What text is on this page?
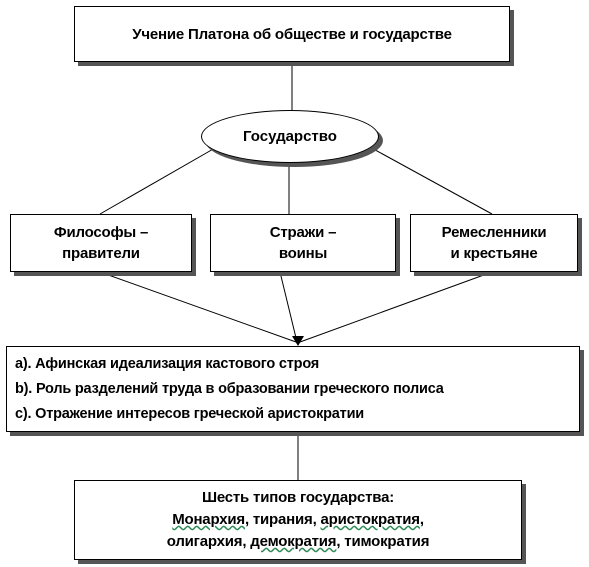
Учение Платона об обществе и государстве
Государство
Философы –
правители
Стражи –
воины
Ремесленники
и крестьяне
а). Афинская идеализация кастового строя
b). Роль разделений труда в образовании греческого полиса
с). Отражение интересов греческой аристократии
Шесть типов государства:
Монархия, тирания, аристократия,
олигархия, демократия, тимократия
